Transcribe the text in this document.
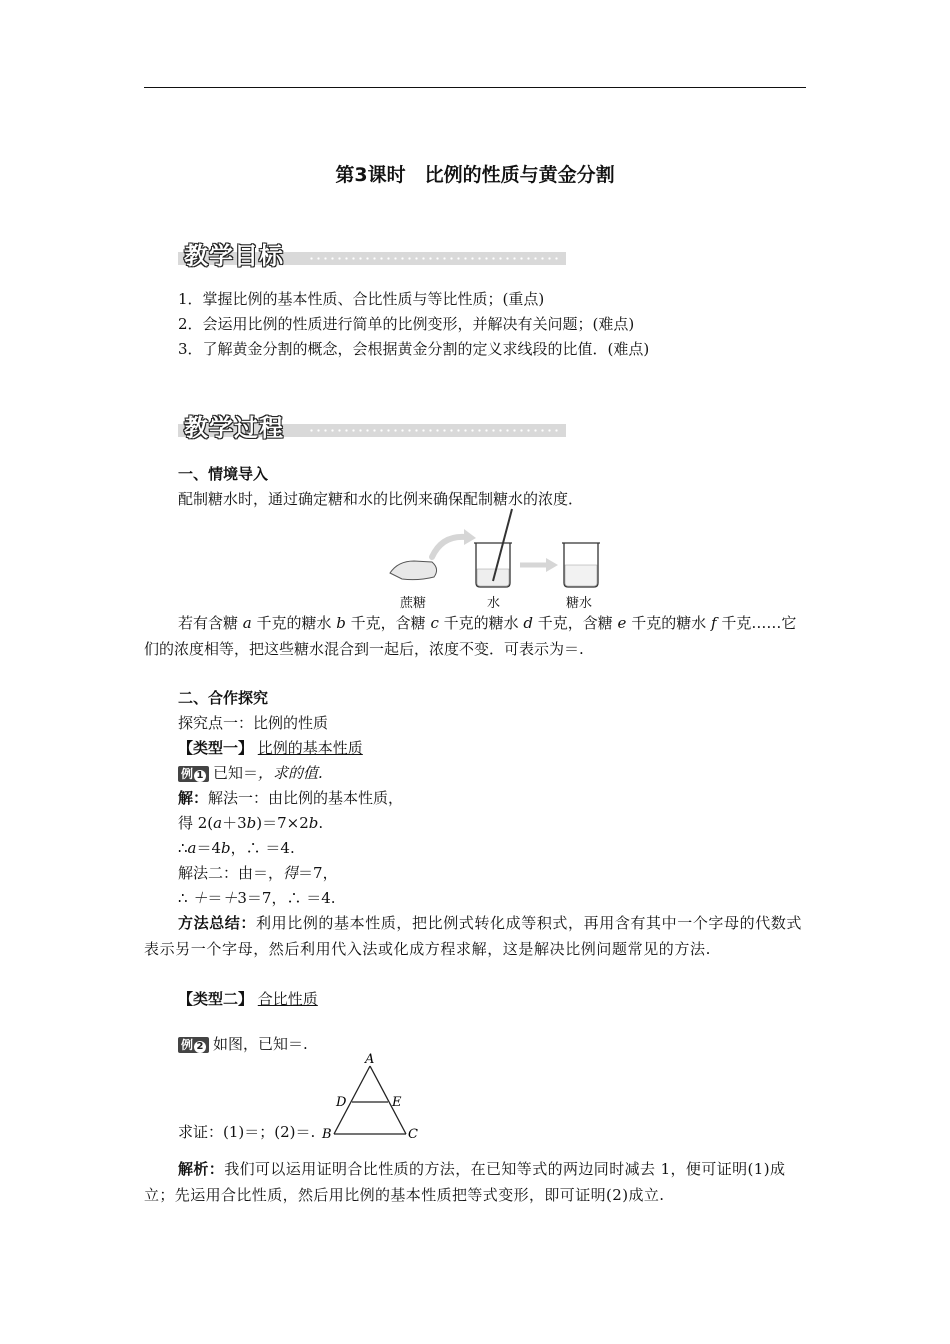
第3课时　比例的性质与黄金分割
教学目标
1．掌握比例的基本性质、合比性质与等比性质；(重点)
2．会运用比例的性质进行简单的比例变形，并解决有关问题；(难点)
3．了解黄金分割的概念，会根据黄金分割的定义求线段的比值．(难点)
教学过程
一、情境导入
配制糖水时，通过确定糖和水的比例来确保配制糖水的浓度．
蔗糖	水	糖水
若有含糖 a 千克的糖水 b 千克，含糖 c 千克的糖水 d 千克，含糖 e 千克的糖水 f 千克……它们的浓度相等，把这些糖水混合到一起后，浓度不变．可表示为＝.
二、合作探究
探究点一：比例的性质
【类型一】 比例的基本性质
例 1 已知＝，求的值.
解：解法一：由比例的基本性质，
得 2(a＋3b)＝7×2b.
∴a＝4b，∴ ＝4.
解法二：由＝，得＝7，
∴ ＋＝＋3＝7，∴ ＝4.
方法总结：利用比例的基本性质，把比例式转化成等积式，再用含有其中一个字母的代数式表示另一个字母，然后利用代入法或化成方程求解，这是解决比例问题常见的方法.
【类型二】 合比性质
例 2 如图，已知＝.
A
B	C
D	E
求证：(1)＝；(2)＝.
解析：我们可以运用证明合比性质的方法，在已知等式的两边同时减去 1，便可证明(1)成立；先运用合比性质，然后用比例的基本性质把等式变形，即可证明(2)成立.
